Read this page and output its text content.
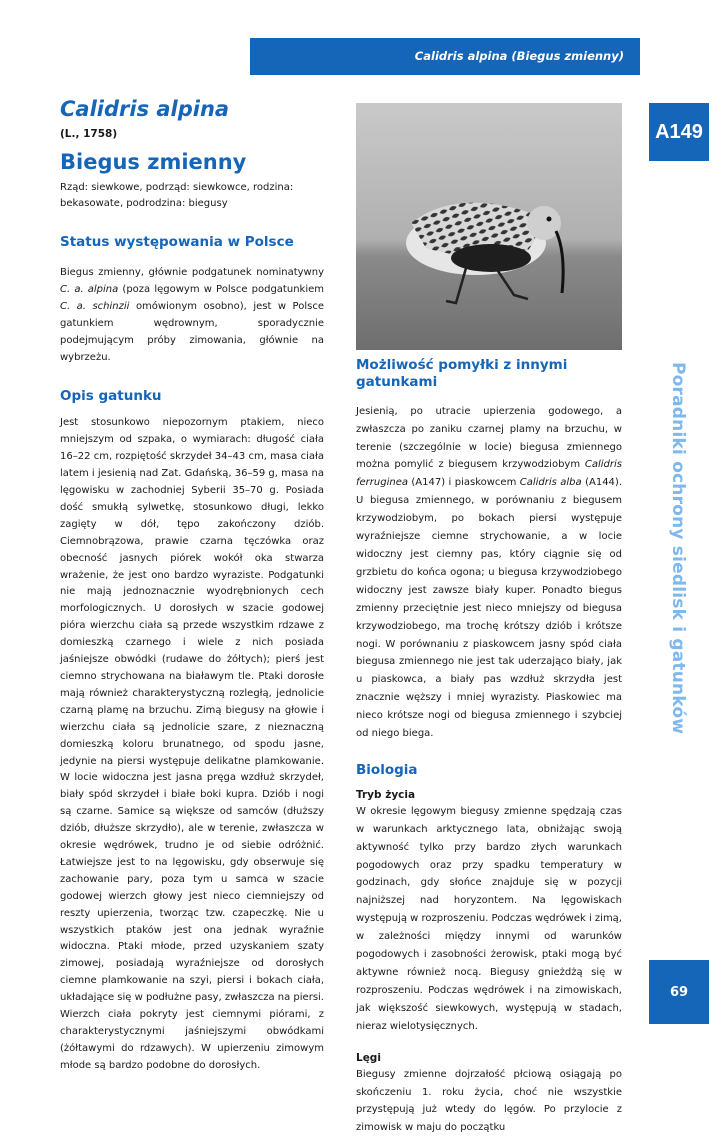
Calidris alpina (Biegus zmienny)
A149
Poradniki ochrony siedlisk i gatunków
69
Calidris alpina

(L., 1758)

Biegus zmienny

Rząd: siewkowe, podrząd: siewkowce, rodzina: bekasowate, podrodzina: biegusy

Status występowania w Polsce

Biegus zmienny, głównie podgatunek nominatywny C. a. alpina (poza lęgowym w Polsce podgatunkiem C. a. schinzii omówionym osobno), jest w Polsce gatunkiem wędrownym, sporadycznie podejmującym próby zimowania, głównie na wybrzeżu.

Opis gatunku

Jest stosunkowo niepozornym ptakiem, nieco mniejszym od szpaka, o wymiarach: długość ciała 16–22 cm, rozpiętość skrzydeł 34–43 cm, masa ciała latem i jesienią nad Zat. Gdańską, 36–59 g, masa na lęgowisku w zachodniej Syberii 35–70 g. Posiada dość smukłą sylwetkę, stosunkowo długi, lekko zagięty w dół, tępo zakończony dziób. Ciemnobrązowa, prawie czarna tęczówka oraz obecność jasnych piórek wokół oka stwarza wrażenie, że jest ono bardzo wyraziste. Podgatunki nie mają jednoznacznie wyodrębnionych cech morfologicznych. U dorosłych w szacie godowej pióra wierzchu ciała są przede wszystkim rdzawe z domieszką czarnego i wiele z nich posiada jaśniejsze obwódki (rudawe do żółtych); pierś jest ciemno strychowana na białawym tle. Ptaki dorosłe mają również charakterystyczną rozległą, jednolicie czarną plamę na brzuchu. Zimą biegusy na głowie i wierzchu ciała są jednolicie szare, z nieznaczną domieszką koloru brunatnego, od spodu jasne, jedynie na piersi występuje delikatne plamkowanie. W locie widoczna jest jasna pręga wzdłuż skrzydeł, biały spód skrzydeł i białe boki kupra. Dziób i nogi są czarne. Samice są większe od samców (dłuższy dziób, dłuższe skrzydło), ale w terenie, zwłaszcza w okresie wędrówek, trudno je od siebie odróżnić. Łatwiejsze jest to na lęgowisku, gdy obserwuje się zachowanie pary, poza tym u samca w szacie godowej wierzch głowy jest nieco ciemniejszy od reszty upierzenia, tworząc tzw. czapeczkę. Nie u wszystkich ptaków jest ona jednak wyraźnie widoczna. Ptaki młode, przed uzyskaniem szaty zimowej, posiadają wyraźniejsze od dorosłych ciemne plamkowanie na szyi, piersi i bokach ciała, układające się w podłużne pasy, zwłaszcza na piersi. Wierzch ciała pokryty jest ciemnymi piórami, z charakterystycznymi jaśniejszymi obwódkami (żółtawymi do rdzawych). W upierzeniu zimowym młode są bardzo podobne do dorosłych.

Możliwość pomyłki z innymi gatunkami

Jesienią, po utracie upierzenia godowego, a zwłaszcza po zaniku czarnej plamy na brzuchu, w terenie (szczególnie w locie) biegusa zmiennego można pomylić z biegusem krzywodziobym Calidris ferruginea (A147) i piaskowcem Calidris alba (A144). U biegusa zmiennego, w porównaniu z biegusem krzywodziobym, po bokach piersi występuje wyraźniejsze ciemne strychowanie, a w locie widoczny jest ciemny pas, który ciągnie się od grzbietu do końca ogona; u biegusa krzywodziobego widoczny jest zawsze biały kuper. Ponadto biegus zmienny przeciętnie jest nieco mniejszy od biegusa krzywodziobego, ma trochę krótszy dziób i krótsze nogi. W porównaniu z piaskowcem jasny spód ciała biegusa zmiennego nie jest tak uderzająco biały, jak u piaskowca, a biały pas wzdłuż skrzydła jest znacznie węższy i mniej wyrazisty. Piaskowiec ma nieco krótsze nogi od biegusa zmiennego i szybciej od niego biega.

Biologia

Tryb życia

W okresie lęgowym biegusy zmienne spędzają czas w warunkach arktycznego lata, obniżając swoją aktywność tylko przy bardzo złych warunkach pogodowych oraz przy spadku temperatury w godzinach, gdy słońce znajduje się w pozycji najniższej nad horyzontem. Na lęgowiskach występują w rozproszeniu. Podczas wędrówek i zimą, w zależności między innymi od warunków pogodowych i zasobności żerowisk, ptaki mogą być aktywne również nocą. Biegusy gnieżdżą się w rozproszeniu. Podczas wędrówek i na zimowiskach, jak większość siewkowych, występują w stadach, nieraz wielotysięcznych.

Lęgi

Biegusy zmienne dojrzałość płciową osiągają po skończeniu 1. roku życia, choć nie wszystkie przystępują już wtedy do lęgów. Po przylocie z zimowisk w maju do początku
